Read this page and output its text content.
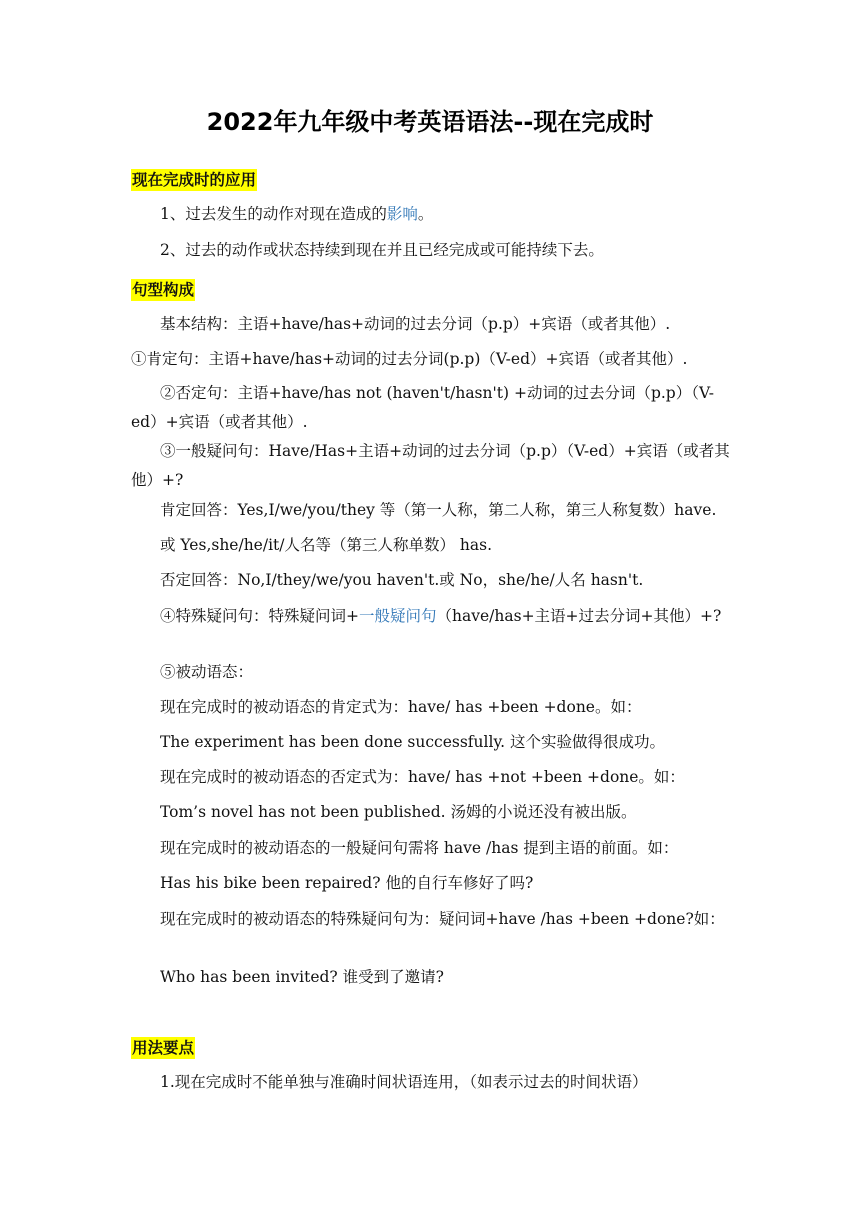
2022年九年级中考英语语法--现在完成时
现在完成时的应用
1、过去发生的动作对现在造成的影响。
2、过去的动作或状态持续到现在并且已经完成或可能持续下去。
句型构成
基本结构：主语+have/has+动词的过去分词（p.p）+宾语（或者其他）.
①肯定句：主语+have/has+动词的过去分词(p.p)（V-ed）+宾语（或者其他）.
②否定句：主语+have/has not (haven't/hasn't) +动词的过去分词（p.p）（V-ed）+宾语（或者其他）.
③一般疑问句：Have/Has+主语+动词的过去分词（p.p）（V-ed）+宾语（或者其他）+?
肯定回答：Yes,I/we/you/they 等（第一人称，第二人称，第三人称复数）have.
或 Yes,she/he/it/人名等（第三人称单数） has.
否定回答：No,I/they/we/you haven't.或 No，she/he/人名 hasn't.
④特殊疑问句：特殊疑问词+一般疑问句（have/has+主语+过去分词+其他）+?
⑤被动语态：
现在完成时的被动语态的肯定式为：have/ has +been +done。如：
The experiment has been done successfully. 这个实验做得很成功。
现在完成时的被动语态的否定式为：have/ has +not +been +done。如：
Tom’s novel has not been published. 汤姆的小说还没有被出版。
现在完成时的被动语态的一般疑问句需将 have /has 提到主语的前面。如：
Has his bike been repaired? 他的自行车修好了吗?
现在完成时的被动语态的特殊疑问句为：疑问词+have /has +been +done?如：
Who has been invited? 谁受到了邀请?
用法要点
1.现在完成时不能单独与准确时间状语连用，（如表示过去的时间状语）
